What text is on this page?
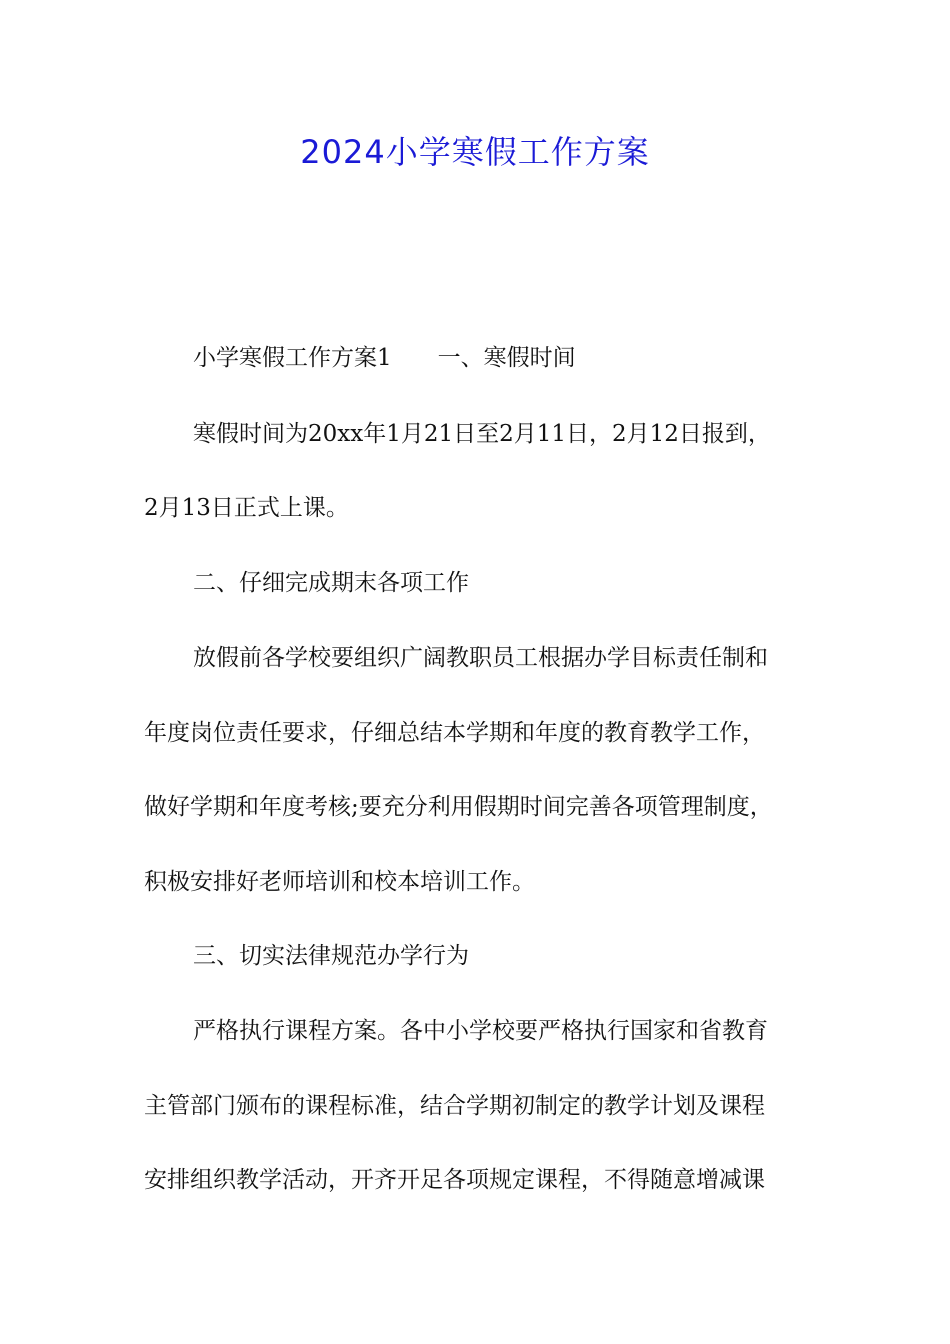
2024小学寒假工作方案

小学寒假工作方案1 一、寒假时间

寒假时间为20xx年1月21日至2月11日，2月12日报到，

2月13日正式上课。

二、仔细完成期末各项工作

放假前各学校要组织广阔教职员工根据办学目标责任制和

年度岗位责任要求，仔细总结本学期和年度的教育教学工作，

做好学期和年度考核;要充分利用假期时间完善各项管理制度，

积极安排好老师培训和校本培训工作。

三、切实法律规范办学行为

严格执行课程方案。各中小学校要严格执行国家和省教育

主管部门颁布的课程标准，结合学期初制定的教学计划及课程

安排组织教学活动，开齐开足各项规定课程，不得随意增减课
